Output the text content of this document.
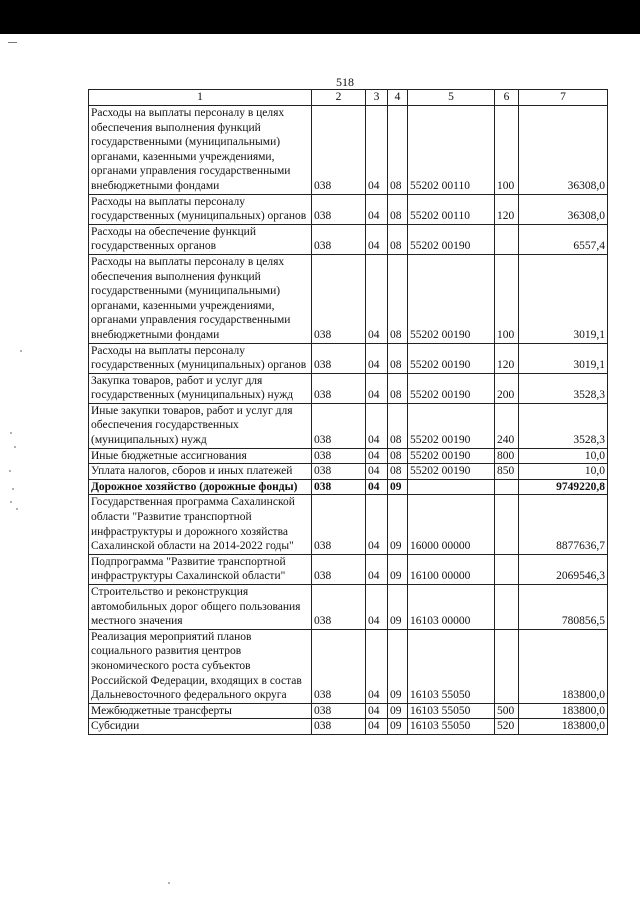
518
1	2	3	4	5	6	7
Расходы на выплаты персоналу в целях обеспечения выполнения функций государственными (муниципальными) органами, казенными учреждениями, органами управления государственными внебюджетными фондами	038	04	08	55202 00110	100	36308,0
Расходы на выплаты персоналу государственных (муниципальных) органов	038	04	08	55202 00110	120	36308,0
Расходы на обеспечение функций государственных органов	038	04	08	55202 00190		6557,4
Расходы на выплаты персоналу в целях обеспечения выполнения функций государственными (муниципальными) органами, казенными учреждениями, органами управления государственными внебюджетными фондами	038	04	08	55202 00190	100	3019,1
Расходы на выплаты персоналу государственных (муниципальных) органов	038	04	08	55202 00190	120	3019,1
Закупка товаров, работ и услуг для государственных (муниципальных) нужд	038	04	08	55202 00190	200	3528,3
Иные закупки товаров, работ и услуг для обеспечения государственных (муниципальных) нужд	038	04	08	55202 00190	240	3528,3
Иные бюджетные ассигнования	038	04	08	55202 00190	800	10,0
Уплата налогов, сборов и иных платежей	038	04	08	55202 00190	850	10,0
Дорожное хозяйство (дорожные фонды)	038	04	09			9749220,8
Государственная программа Сахалинской области "Развитие транспортной инфраструктуры и дорожного хозяйства Сахалинской области на 2014-2022 годы"	038	04	09	16000 00000		8877636,7
Подпрограмма "Развитие транспортной инфраструктуры Сахалинской области"	038	04	09	16100 00000		2069546,3
Строительство и реконструкция автомобильных дорог общего пользования местного значения	038	04	09	16103 00000		780856,5
Реализация мероприятий планов социального развития центров экономического роста субъектов Российской Федерации, входящих в состав Дальневосточного федерального округа	038	04	09	16103 55050		183800,0
Межбюджетные трансферты	038	04	09	16103 55050	500	183800,0
Субсидии	038	04	09	16103 55050	520	183800,0
